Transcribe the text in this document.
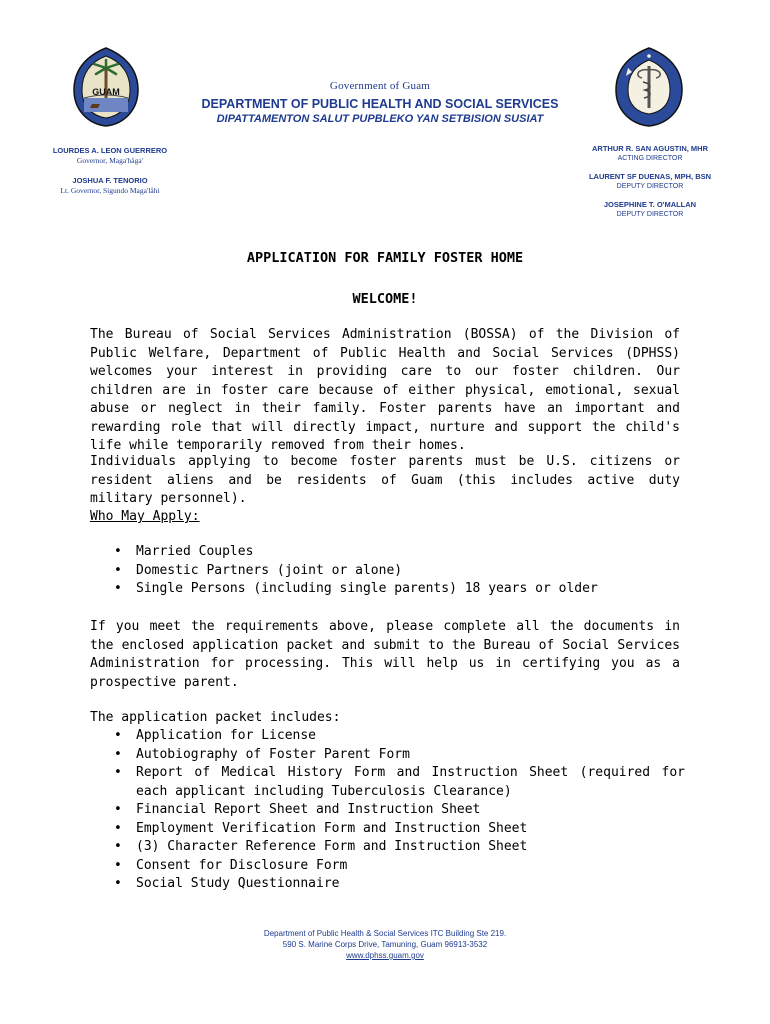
GUAM	Government of Guam
DEPARTMENT OF PUBLIC HEALTH AND SOCIAL SERVICES
DIPATTAMENTON SALUT PUPBLEKO YAN SETBISION SUSIAT
LOURDES A. LEON GUERRERO
Governor, Maga'håga'
JOSHUA F. TENORIO
Lt. Governor, Sigundo Maga'låhi
ARTHUR R. SAN AGUSTIN, MHR
ACTING DIRECTOR
LAURENT SF DUENAS, MPH, BSN
DEPUTY DIRECTOR
JOSEPHINE T. O'MALLAN
DEPUTY DIRECTOR
APPLICATION FOR FAMILY FOSTER HOME
WELCOME!
The Bureau of Social Services Administration (BOSSA) of the Division of Public Welfare, Department of Public Health and Social Services (DPHSS) welcomes your interest in providing care to our foster children. Our children are in foster care because of either physical, emotional, sexual abuse or neglect in their family. Foster parents have an important and rewarding role that will directly impact, nurture and support the child's life while temporarily removed from their homes.
Individuals applying to become foster parents must be U.S. citizens or resident aliens and be residents of Guam (this includes active duty military personnel).
Who May Apply:
• Married Couples
• Domestic Partners (joint or alone)
• Single Persons (including single parents) 18 years or older
If you meet the requirements above, please complete all the documents in the enclosed application packet and submit to the Bureau of Social Services Administration for processing. This will help us in certifying you as a prospective parent.
The application packet includes:
• Application for License
• Autobiography of Foster Parent Form
• Report of Medical History Form and Instruction Sheet (required for each applicant including Tuberculosis Clearance)
• Financial Report Sheet and Instruction Sheet
• Employment Verification Form and Instruction Sheet
• (3) Character Reference Form and Instruction Sheet
• Consent for Disclosure Form
• Social Study Questionnaire
Department of Public Health & Social Services ITC Building Ste 219.
590 S. Marine Corps Drive, Tamuning, Guam 96913-3532
www.dphss.guam.gov
